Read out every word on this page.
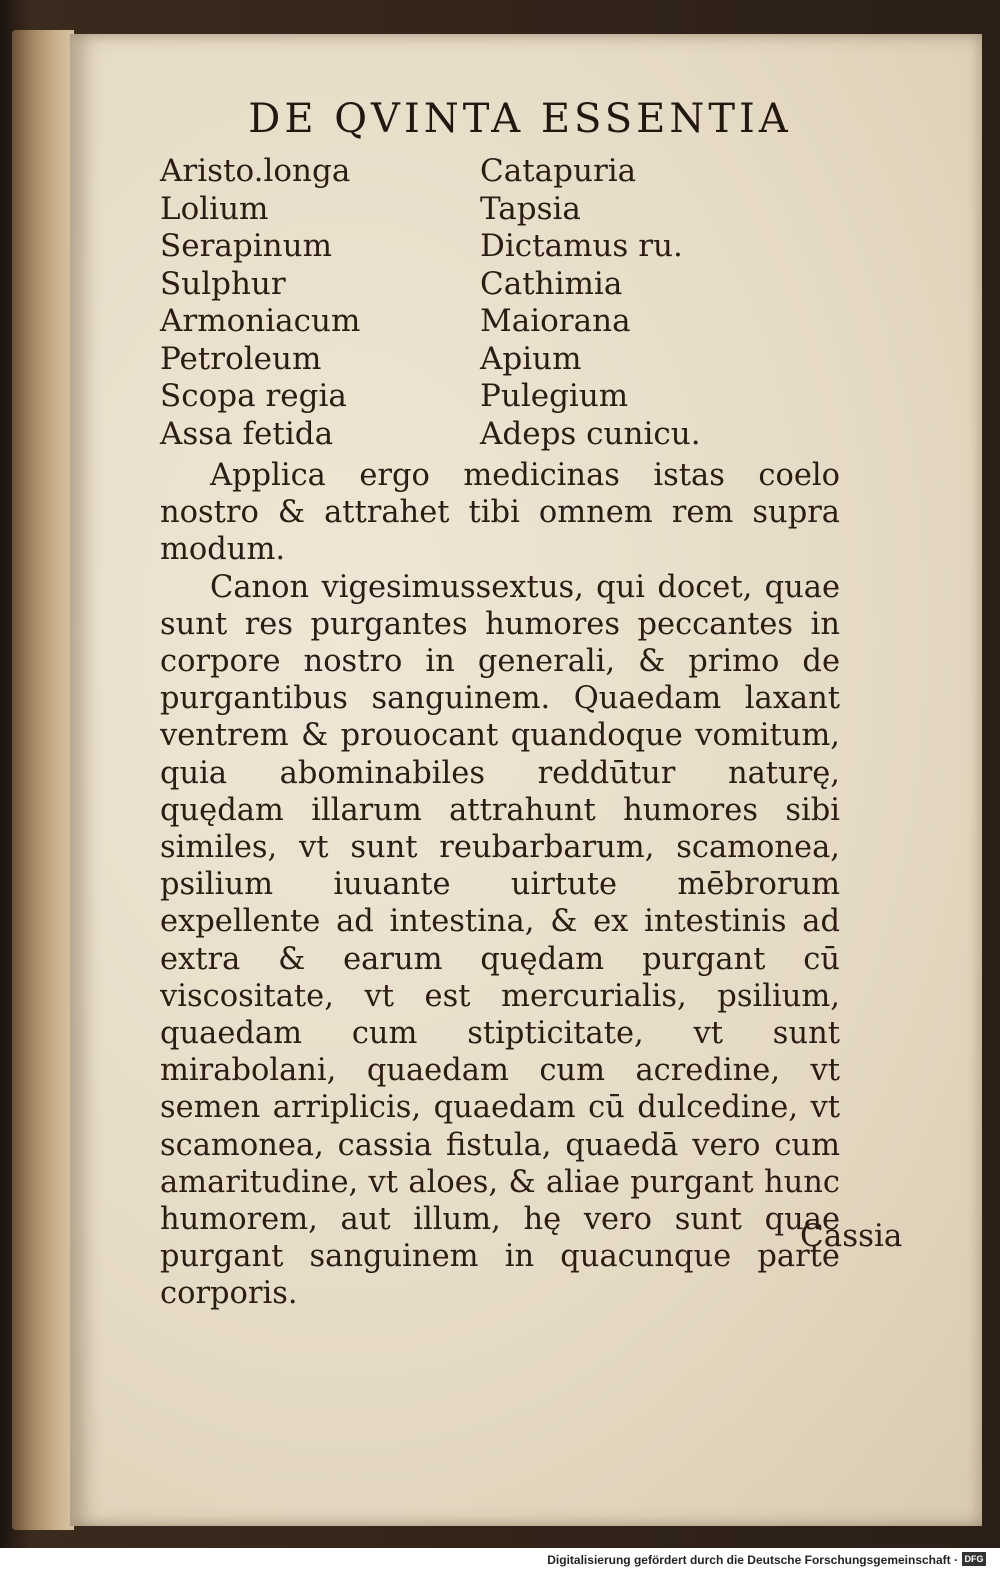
DE QVINTA ESSENTIA
Aristo.longa	Catapuria
Lolium	Tapsia
Serapinum	Dictamus ru.
Sulphur	Cathimia
Armoniacum	Maiorana
Petroleum	Apium
Scopa regia	Pulegium
Assa fetida	Adeps cunicu.

Applica ergo medicinas istas coelo nostro & attrahet tibi omnem rem supra modum.

Canon vigesimussextus, qui docet, quae sunt res purgantes humores peccantes in corpore nostro in generali, & primo de purgantibus sanguinem. Quaedam laxant ventrem & prouocant quandoque vomitum, quia abominabiles reddūtur naturę, quędam illarum attrahunt humores sibi similes, vt sunt reubarbarum, scamonea, psilium iuuante uirtute mēbrorum expellente ad intestina, & ex intestinis ad extra & earum quędam purgant cū viscositate, vt est mercurialis, psilium, quaedam cum stipticitate, vt sunt mirabolani, quaedam cum acredine, vt semen arriplicis, quaedam cū dulcedine, vt scamonea, cassia fistula, quaedā vero cum amaritudine, vt aloes, & aliae purgant hunc humorem, aut illum, hę vero sunt quae purgant sanguinem in quacunque parte corporis.

Cassia
Digitalisierung gefördert durch die Deutsche Forschungsgemeinschaft · DFG
